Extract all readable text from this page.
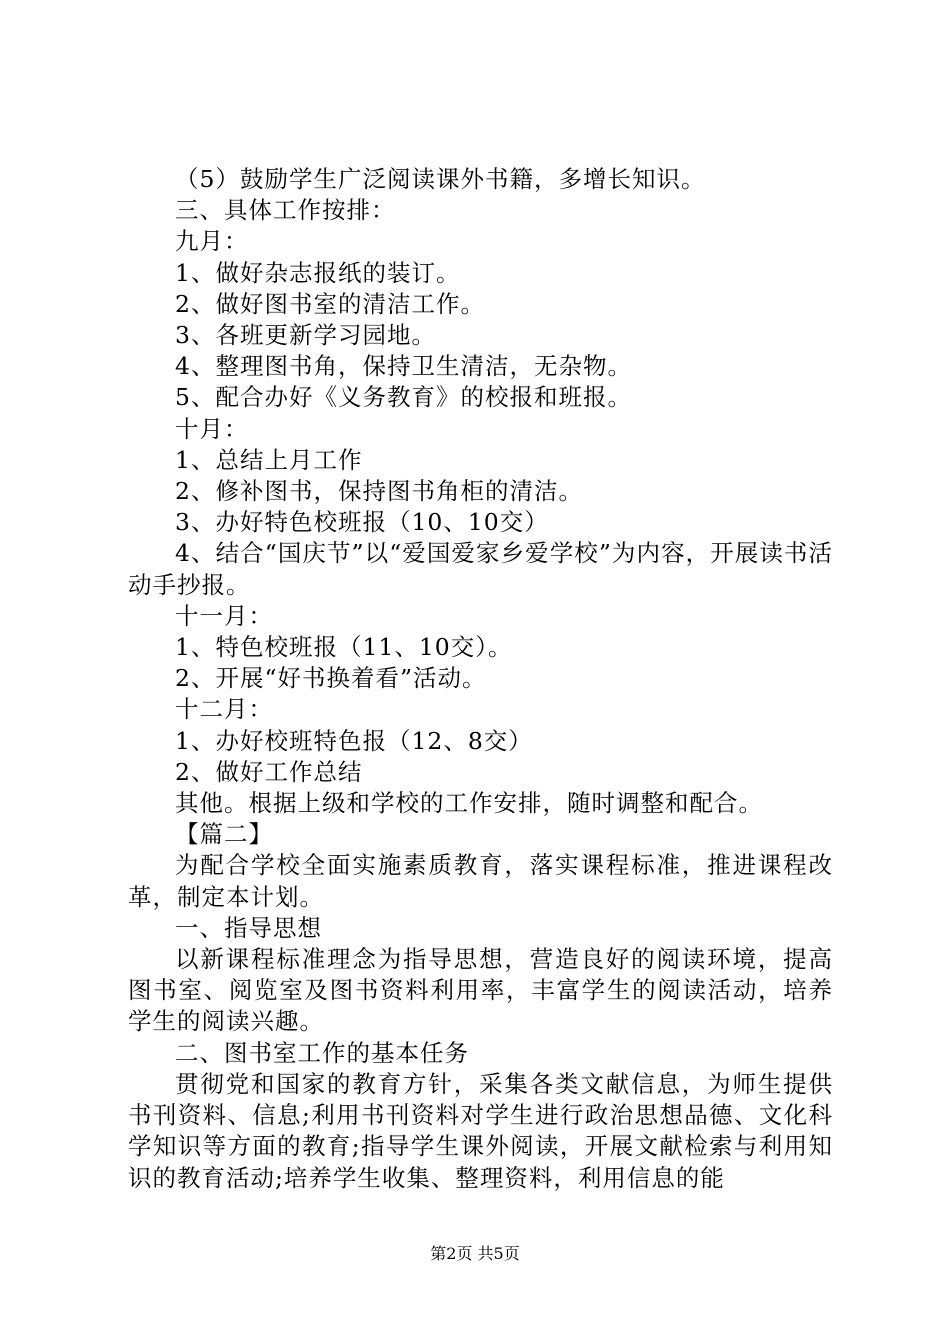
（5）鼓励学生广泛阅读课外书籍，多增长知识。

三、具体工作按排：

九月：

1、做好杂志报纸的装订。

2、做好图书室的清洁工作。

3、各班更新学习园地。

4、整理图书角，保持卫生清洁，无杂物。

5、配合办好《义务教育》的校报和班报。

十月：

1、总结上月工作

2、修补图书，保持图书角柜的清洁。

3、办好特色校班报（10、10交）

4、结合“国庆节”以“爱国爱家乡爱学校”为内容，开展读书活动手抄报。

十一月：

1、特色校班报（11、10交）。

2、开展“好书换着看”活动。

十二月：

1、办好校班特色报（12、8交）

2、做好工作总结

其他。根据上级和学校的工作安排，随时调整和配合。

【篇二】

为配合学校全面实施素质教育，落实课程标准，推进课程改革，制定本计划。

一、指导思想

以新课程标准理念为指导思想，营造良好的阅读环境，提高图书室、阅览室及图书资料利用率，丰富学生的阅读活动，培养学生的阅读兴趣。

二、图书室工作的基本任务

贯彻党和国家的教育方针，采集各类文献信息，为师生提供书刊资料、信息;利用书刊资料对学生进行政治思想品德、文化科学知识等方面的教育;指导学生课外阅读，开展文献检索与利用知识的教育活动;培养学生收集、整理资料，利用信息的能

第2页 共5页
